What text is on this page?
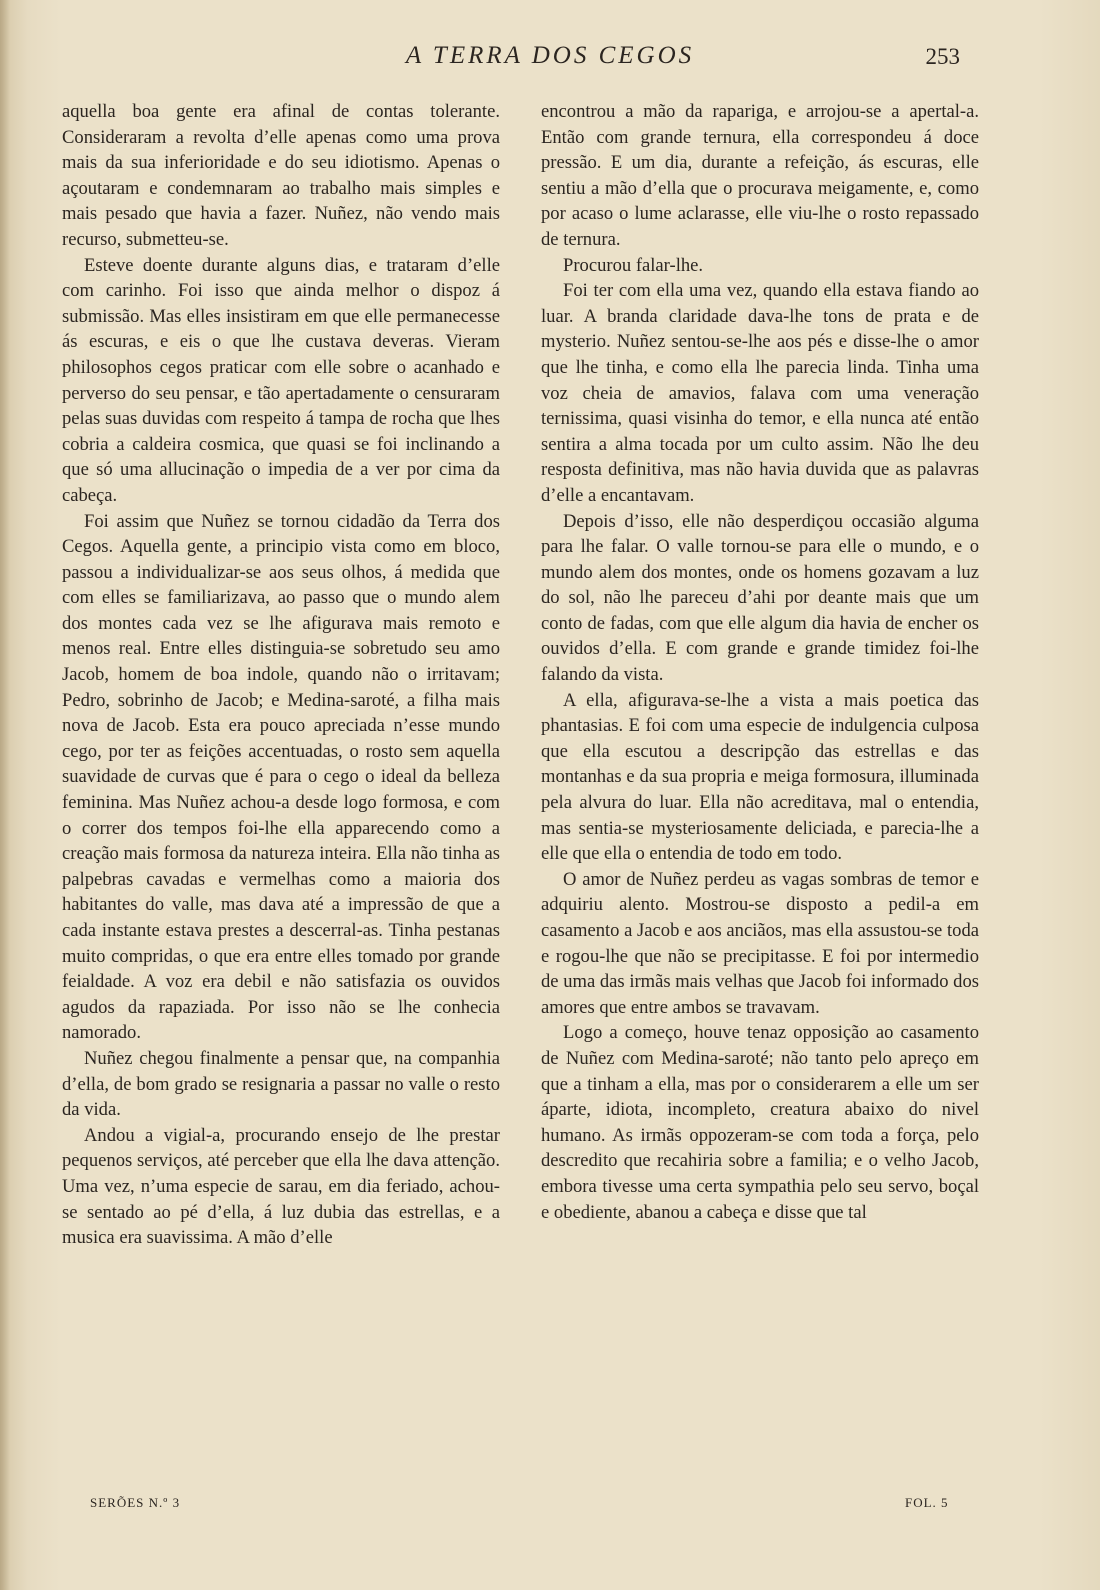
A TERRA DOS CEGOS	253

aquella boa gente era afinal de contas tolerante. Consideraram a revolta d’elle apenas como uma prova mais da sua inferioridade e do seu idiotismo. Apenas o açoutaram e condemnaram ao trabalho mais simples e mais pesado que havia a fazer. Nuñez, não vendo mais recurso, submetteu-se.

Esteve doente durante alguns dias, e trataram d’elle com carinho. Foi isso que ainda melhor o dispoz á submissão. Mas elles insistiram em que elle permanecesse ás escuras, e eis o que lhe custava deveras. Vieram philosophos cegos praticar com elle sobre o acanhado e perverso do seu pensar, e tão apertadamente o censuraram pelas suas duvidas com respeito á tampa de rocha que lhes cobria a caldeira cosmica, que quasi se foi inclinando a que só uma allucinação o impedia de a ver por cima da cabeça.

Foi assim que Nuñez se tornou cidadão da Terra dos Cegos. Aquella gente, a principio vista como em bloco, passou a individualizar-se aos seus olhos, á medida que com elles se familiarizava, ao passo que o mundo alem dos montes cada vez se lhe afigurava mais remoto e menos real. Entre elles distinguia-se sobretudo seu amo Jacob, homem de boa indole, quando não o irritavam; Pedro, sobrinho de Jacob; e Medina-saroté, a filha mais nova de Jacob. Esta era pouco apreciada n’esse mundo cego, por ter as feições accentuadas, o rosto sem aquella suavidade de curvas que é para o cego o ideal da belleza feminina. Mas Nuñez achou-a desde logo formosa, e com o correr dos tempos foi-lhe ella apparecendo como a creação mais formosa da natureza inteira. Ella não tinha as palpebras cavadas e vermelhas como a maioria dos habitantes do valle, mas dava até a impressão de que a cada instante estava prestes a descerral-as. Tinha pestanas muito compridas, o que era entre elles tomado por grande feialdade. A voz era debil e não satisfazia os ouvidos agudos da rapaziada. Por isso não se lhe conhecia namorado.

Nuñez chegou finalmente a pensar que, na companhia d’ella, de bom grado se resignaria a passar no valle o resto da vida.

Andou a vigial-a, procurando ensejo de lhe prestar pequenos serviços, até perceber que ella lhe dava attenção. Uma vez, n’uma especie de sarau, em dia feriado, achou-se sentado ao pé d’ella, á luz dubia das estrellas, e a musica era suavissima. A mão d’elle

encontrou a mão da rapariga, e arrojou-se a apertal-a. Então com grande ternura, ella correspondeu á doce pressão. E um dia, durante a refeição, ás escuras, elle sentiu a mão d’ella que o procurava meigamente, e, como por acaso o lume aclarasse, elle viu-lhe o rosto repassado de ternura.

Procurou falar-lhe.

Foi ter com ella uma vez, quando ella estava fiando ao luar. A branda claridade dava-lhe tons de prata e de mysterio. Nuñez sentou-se-lhe aos pés e disse-lhe o amor que lhe tinha, e como ella lhe parecia linda. Tinha uma voz cheia de amavios, falava com uma veneração ternissima, quasi visinha do temor, e ella nunca até então sentira a alma tocada por um culto assim. Não lhe deu resposta definitiva, mas não havia duvida que as palavras d’elle a encantavam.

Depois d’isso, elle não desperdiçou occasião alguma para lhe falar. O valle tornou-se para elle o mundo, e o mundo alem dos montes, onde os homens gozavam a luz do sol, não lhe pareceu d’ahi por deante mais que um conto de fadas, com que elle algum dia havia de encher os ouvidos d’ella. E com grande e grande timidez foi-lhe falando da vista.

A ella, afigurava-se-lhe a vista a mais poetica das phantasias. E foi com uma especie de indulgencia culposa que ella escutou a descripção das estrellas e das montanhas e da sua propria e meiga formosura, illuminada pela alvura do luar. Ella não acreditava, mal o entendia, mas sentia-se mysteriosamente deliciada, e parecia-lhe a elle que ella o entendia de todo em todo.

O amor de Nuñez perdeu as vagas sombras de temor e adquiriu alento. Mostrou-se disposto a pedil-a em casamento a Jacob e aos anciãos, mas ella assustou-se toda e rogou-lhe que não se precipitasse. E foi por intermedio de uma das irmãs mais velhas que Jacob foi informado dos amores que entre ambos se travavam.

Logo a começo, houve tenaz opposição ao casamento de Nuñez com Medina-saroté; não tanto pelo apreço em que a tinham a ella, mas por o considerarem a elle um ser áparte, idiota, incompleto, creatura abaixo do nivel humano. As irmãs oppozeram-se com toda a força, pelo descredito que recahiria sobre a familia; e o velho Jacob, embora tivesse uma certa sympathia pelo seu servo, boçal e obediente, abanou a cabeça e disse que tal

SERÕES N.º 3	FOL. 5
